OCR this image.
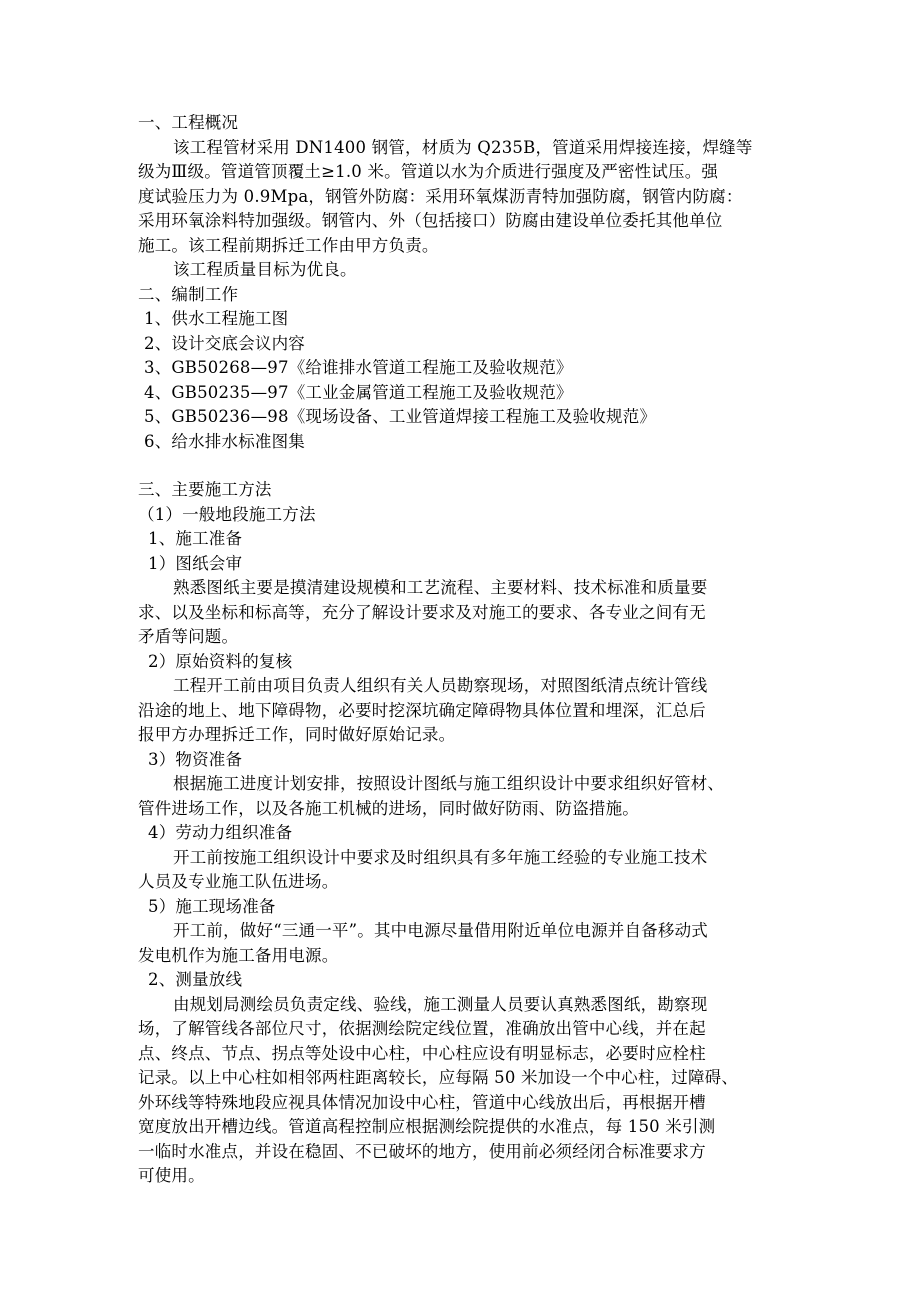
一、工程概况
该工程管材采用 DN1400 钢管，材质为 Q235B，管道采用焊接连接，焊缝等
级为Ⅲ级。管道管顶覆土≥1.0 米。管道以水为介质进行强度及严密性试压。强
度试验压力为 0.9Mpa，钢管外防腐：采用环氧煤沥青特加强防腐，钢管内防腐：
采用环氧涂料特加强级。钢管内、外（包括接口）防腐由建设单位委托其他单位
施工。该工程前期拆迁工作由甲方负责。
该工程质量目标为优良。
二、编制工作
1、供水工程施工图
2、设计交底会议内容
3、GB50268—97《给谁排水管道工程施工及验收规范》
4、GB50235—97《工业金属管道工程施工及验收规范》
5、GB50236—98《现场设备、工业管道焊接工程施工及验收规范》
6、给水排水标准图集
三、主要施工方法
（1）一般地段施工方法
1、施工准备
1）图纸会审
熟悉图纸主要是摸清建设规模和工艺流程、主要材料、技术标准和质量要
求、以及坐标和标高等，充分了解设计要求及对施工的要求、各专业之间有无
矛盾等问题。
2）原始资料的复核
工程开工前由项目负责人组织有关人员勘察现场，对照图纸清点统计管线
沿途的地上、地下障碍物，必要时挖深坑确定障碍物具体位置和埋深，汇总后
报甲方办理拆迁工作，同时做好原始记录。
3）物资准备
根据施工进度计划安排，按照设计图纸与施工组织设计中要求组织好管材、
管件进场工作，以及各施工机械的进场，同时做好防雨、防盗措施。
4）劳动力组织准备
开工前按施工组织设计中要求及时组织具有多年施工经验的专业施工技术
人员及专业施工队伍进场。
5）施工现场准备
开工前，做好“三通一平”。其中电源尽量借用附近单位电源并自备移动式
发电机作为施工备用电源。
2、测量放线
由规划局测绘员负责定线、验线，施工测量人员要认真熟悉图纸，勘察现
场，了解管线各部位尺寸，依据测绘院定线位置，准确放出管中心线，并在起
点、终点、节点、拐点等处设中心柱，中心柱应设有明显标志，必要时应栓柱
记录。以上中心柱如相邻两柱距离较长，应每隔 50 米加设一个中心柱，过障碍、
外环线等特殊地段应视具体情况加设中心柱，管道中心线放出后，再根据开槽
宽度放出开槽边线。管道高程控制应根据测绘院提供的水准点，每 150 米引测
一临时水准点，并设在稳固、不已破坏的地方，使用前必须经闭合标准要求方
可使用。
